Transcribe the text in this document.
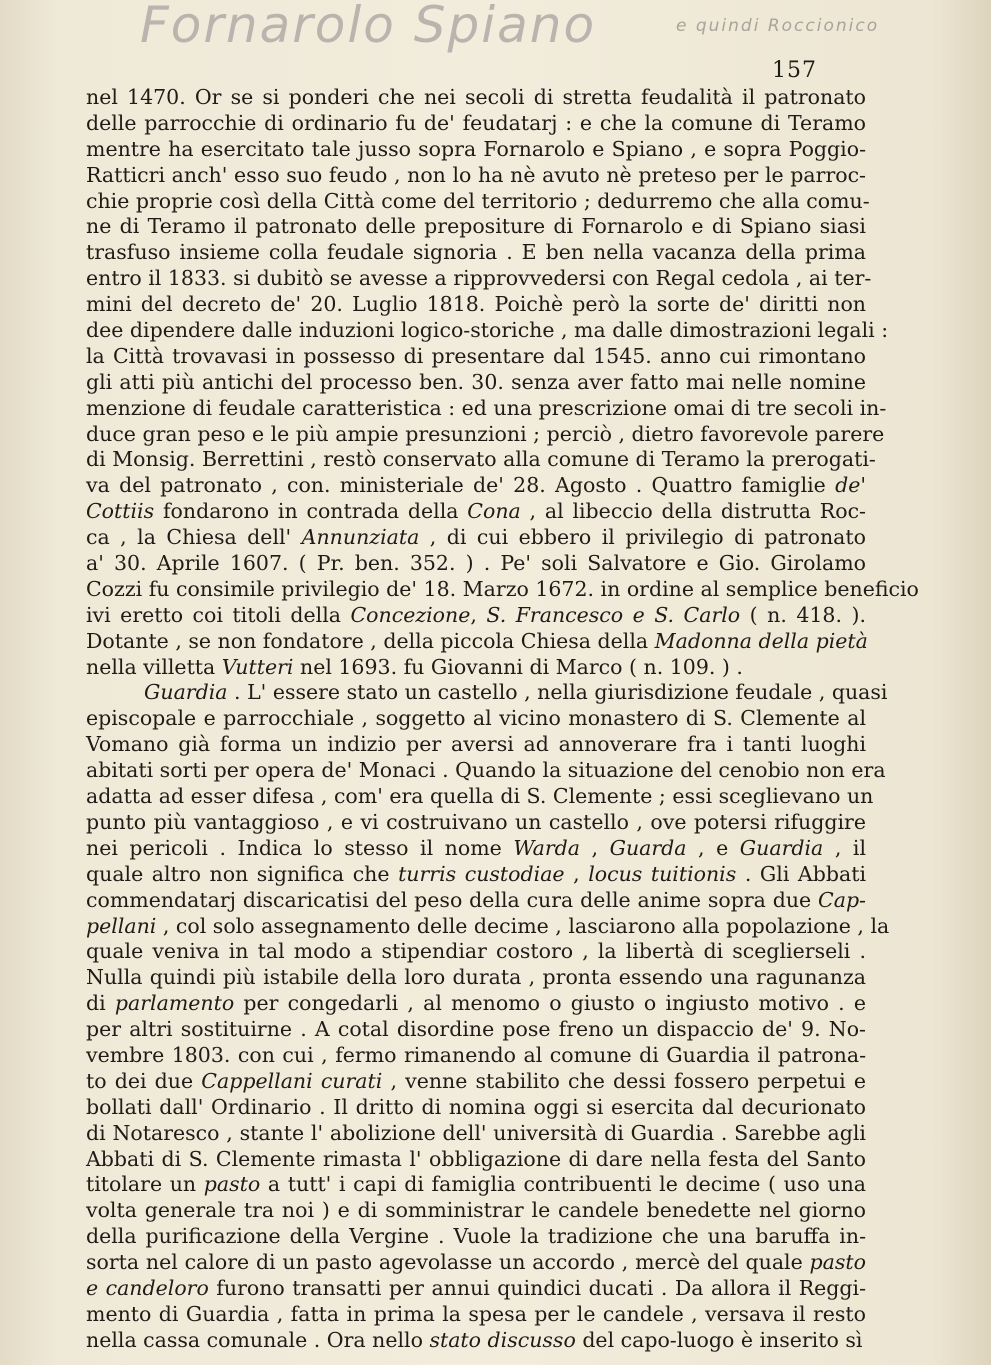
Fornarolo Spiano	e quindi Roccionico
157
nel 1470. Or se si ponderi che nei secoli di stretta feudalità il patronato
delle parrocchie di ordinario fu de' feudatarj : e che la comune di Teramo
mentre ha esercitato tale jusso sopra Fornarolo e Spiano , e sopra Poggio-
Ratticri anch' esso suo feudo , non lo ha nè avuto nè preteso per le parroc-
chie proprie così della Città come del territorio ; dedurremo che alla comu-
ne di Teramo il patronato delle prepositure di Fornarolo e di Spiano siasi
trasfuso insieme colla feudale signoria . E ben nella vacanza della prima
entro il 1833. si dubitò se avesse a ripprovvedersi con Regal cedola , ai ter-
mini del decreto de' 20. Luglio 1818. Poichè però la sorte de' diritti non
dee dipendere dalle induzioni logico-storiche , ma dalle dimostrazioni legali :
la Città trovavasi in possesso di presentare dal 1545. anno cui rimontano
gli atti più antichi del processo ben. 30. senza aver fatto mai nelle nomine
menzione di feudale caratteristica : ed una prescrizione omai di tre secoli in-
duce gran peso e le più ampie presunzioni ; perciò , dietro favorevole parere
di Monsig. Berrettini , restò conservato alla comune di Teramo la prerogati-
va del patronato , con. ministeriale de' 28. Agosto . Quattro famiglie de'
Cottiis fondarono in contrada della Cona , al libeccio della distrutta Roc-
ca , la Chiesa dell' Annunziata , di cui ebbero il privilegio di patronato
a' 30. Aprile 1607. ( Pr. ben. 352. ) . Pe' soli Salvatore e Gio. Girolamo
Cozzi fu consimile privilegio de' 18. Marzo 1672. in ordine al semplice beneficio
ivi eretto coi titoli della Concezione, S. Francesco e S. Carlo ( n. 418. ).
Dotante , se non fondatore , della piccola Chiesa della Madonna della pietà
nella villetta Vutteri nel 1693. fu Giovanni di Marco ( n. 109. ) .
Guardia . L' essere stato un castello , nella giurisdizione feudale , quasi
episcopale e parrocchiale , soggetto al vicino monastero di S. Clemente al
Vomano già forma un indizio per aversi ad annoverare fra i tanti luoghi
abitati sorti per opera de' Monaci . Quando la situazione del cenobio non era
adatta ad esser difesa , com' era quella di S. Clemente ; essi sceglievano un
punto più vantaggioso , e vi costruivano un castello , ove potersi rifuggire
nei pericoli . Indica lo stesso il nome Warda , Guarda , e Guardia , il
quale altro non significa che turris custodiae , locus tuitionis . Gli Abbati
commendatarj discaricatisi del peso della cura delle anime sopra due Cap-
pellani , col solo assegnamento delle decime , lasciarono alla popolazione , la
quale veniva in tal modo a stipendiar costoro , la libertà di sceglierseli .
Nulla quindi più istabile della loro durata , pronta essendo una ragunanza
di parlamento per congedarli , al menomo o giusto o ingiusto motivo . e
per altri sostituirne . A cotal disordine pose freno un dispaccio de' 9. No-
vembre 1803. con cui , fermo rimanendo al comune di Guardia il patrona-
to dei due Cappellani curati , venne stabilito che dessi fossero perpetui e
bollati dall' Ordinario . Il dritto di nomina oggi si esercita dal decurionato
di Notaresco , stante l' abolizione dell' università di Guardia . Sarebbe agli
Abbati di S. Clemente rimasta l' obbligazione di dare nella festa del Santo
titolare un pasto a tutt' i capi di famiglia contribuenti le decime ( uso una
volta generale tra noi ) e di somministrar le candele benedette nel giorno
della purificazione della Vergine . Vuole la tradizione che una baruffa in-
sorta nel calore di un pasto agevolasse un accordo , mercè del quale pasto
e candeloro furono transatti per annui quindici ducati . Da allora il Reggi-
mento di Guardia , fatta in prima la spesa per le candele , versava il resto
nella cassa comunale . Ora nello stato discusso del capo-luogo è inserito sì
